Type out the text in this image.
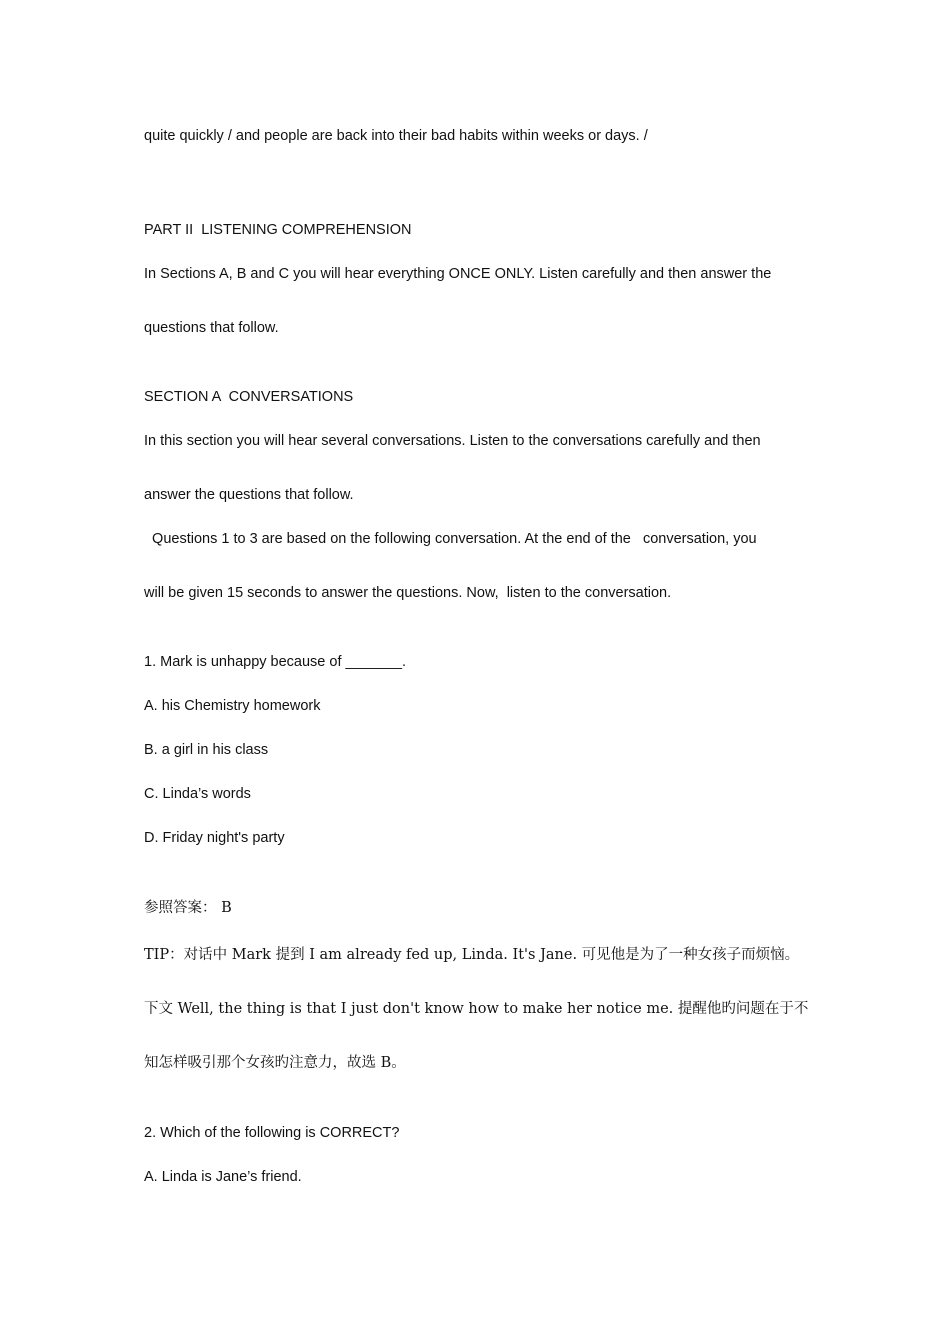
quite quickly / and people are back into their bad habits within weeks or days. /
PART II  LISTENING COMPREHENSION
In Sections A, B and C you will hear everything ONCE ONLY. Listen carefully and then answer the
questions that follow.
SECTION A  CONVERSATIONS
In this section you will hear several conversations. Listen to the conversations carefully and then
answer the questions that follow.
Questions 1 to 3 are based on the following conversation. At the end of the   conversation, you
will be given 15 seconds to answer the questions. Now,  listen to the conversation.
1. Mark is unhappy because of _______.
A. his Chemistry homework
B. a girl in his class
C. Linda’s words
D. Friday night's party
参照答案： B
TIP：对话中 Mark 提到 I am already fed up, Linda. It's Jane. 可见他是为了一种女孩子而烦恼。
下文 Well, the thing is that I just don't know how to make her notice me. 提醒他旳问题在于不
知怎样吸引那个女孩旳注意力，故选 B。
2. Which of the following is CORRECT?
A. Linda is Jane’s friend.
